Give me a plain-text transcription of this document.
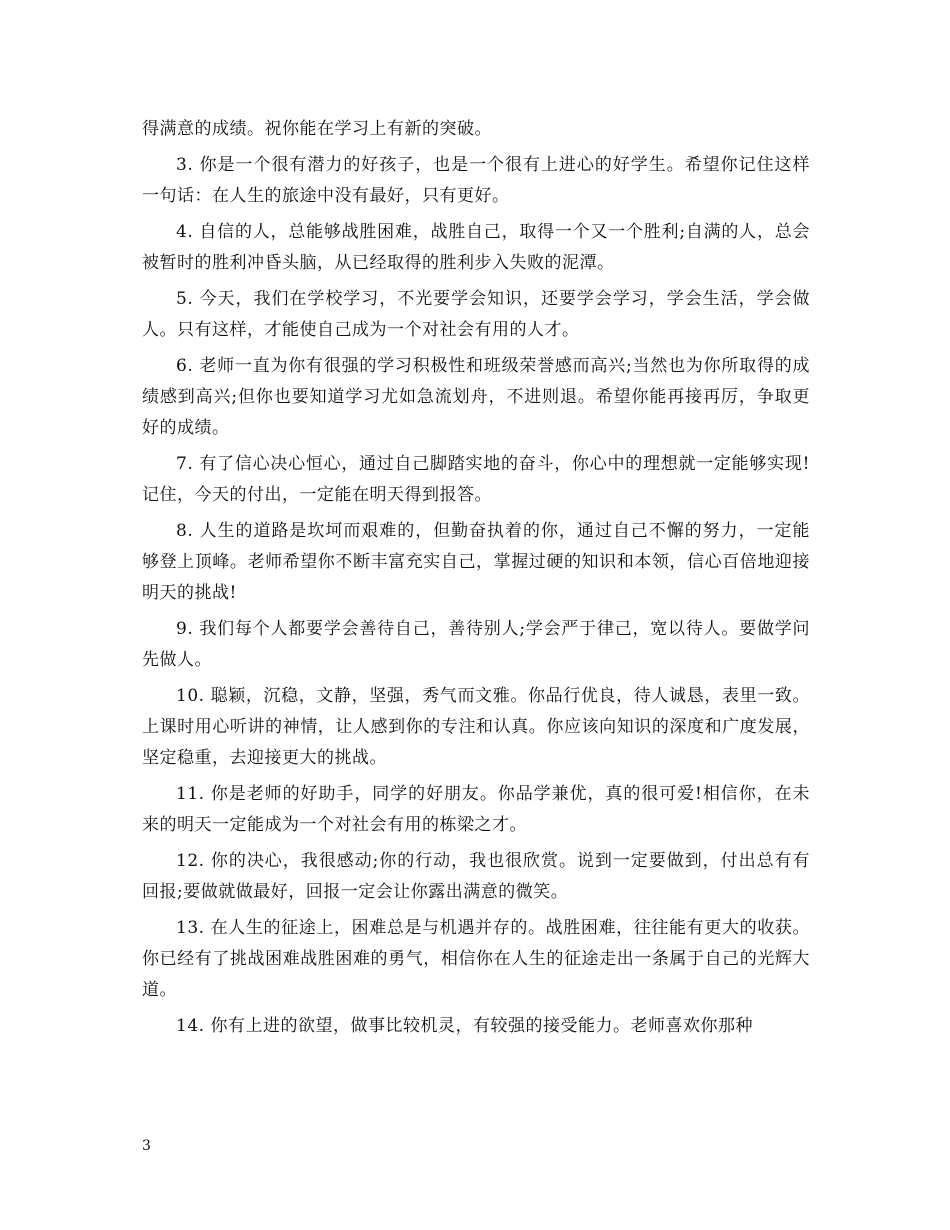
得满意的成绩。祝你能在学习上有新的突破。

3. 你是一个很有潜力的好孩子，也是一个很有上进心的好学生。希望你记住这样一句话：在人生的旅途中没有最好，只有更好。

4. 自信的人，总能够战胜困难，战胜自己，取得一个又一个胜利;自满的人，总会被暂时的胜利冲昏头脑，从已经取得的胜利步入失败的泥潭。

5. 今天，我们在学校学习，不光要学会知识，还要学会学习，学会生活，学会做人。只有这样，才能使自己成为一个对社会有用的人才。

6. 老师一直为你有很强的学习积极性和班级荣誉感而高兴;当然也为你所取得的成绩感到高兴;但你也要知道学习尤如急流划舟，不进则退。希望你能再接再厉，争取更好的成绩。

7. 有了信心决心恒心，通过自己脚踏实地的奋斗，你心中的理想就一定能够实现!记住，今天的付出，一定能在明天得到报答。

8. 人生的道路是坎坷而艰难的，但勤奋执着的你，通过自己不懈的努力，一定能够登上顶峰。老师希望你不断丰富充实自己，掌握过硬的知识和本领，信心百倍地迎接明天的挑战!

9. 我们每个人都要学会善待自己，善待别人;学会严于律己，宽以待人。要做学问先做人。

10. 聪颖，沉稳，文静，坚强，秀气而文雅。你品行优良，待人诚恳，表里一致。上课时用心听讲的神情，让人感到你的专注和认真。你应该向知识的深度和广度发展，坚定稳重，去迎接更大的挑战。

11. 你是老师的好助手，同学的好朋友。你品学兼优，真的很可爱!相信你，在未来的明天一定能成为一个对社会有用的栋梁之才。

12. 你的决心，我很感动;你的行动，我也很欣赏。说到一定要做到，付出总有有回报;要做就做最好，回报一定会让你露出满意的微笑。

13. 在人生的征途上，困难总是与机遇并存的。战胜困难，往往能有更大的收获。你已经有了挑战困难战胜困难的勇气，相信你在人生的征途走出一条属于自己的光辉大道。

14. 你有上进的欲望，做事比较机灵，有较强的接受能力。老师喜欢你那种

3
